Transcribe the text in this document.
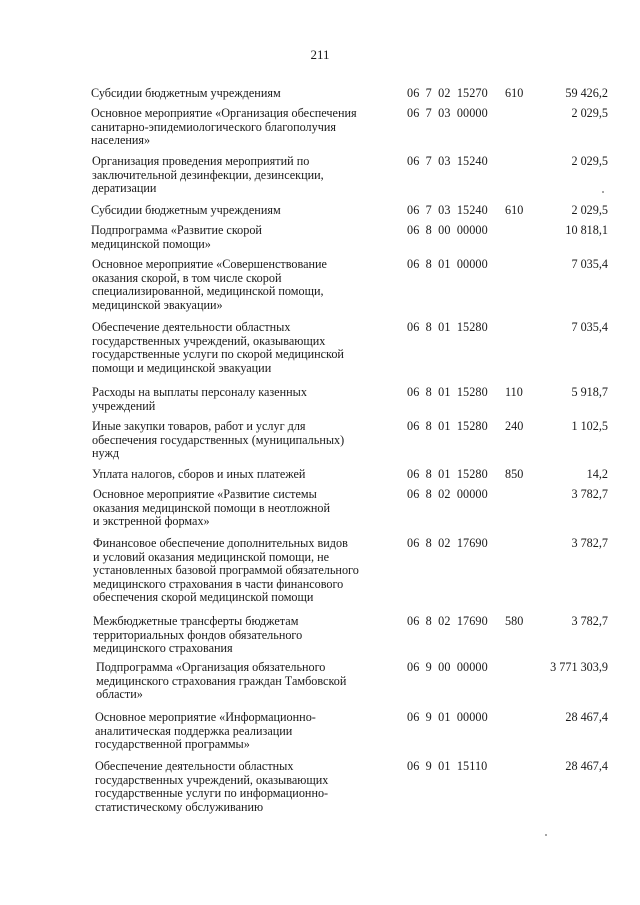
211
Субсидии бюджетным учреждениям	06  7  02  15270 610	59 426,2
Основное мероприятие «Организация обеспечения
санитарно-эпидемиологического благополучия
населения»
06  7  03  00000	2 029,5
Организация проведения мероприятий по
заключительной дезинфекции, дезинсекции,
дератизации
06  7  03  15240	2 029,5
Субсидии бюджетным учреждениям	06  7  03  15240 610	2 029,5
Подпрограмма «Развитие скорой
медицинской помощи»
06  8  00  00000	10 818,1
Основное мероприятие «Совершенствование
оказания скорой, в том числе скорой
специализированной, медицинской помощи,
медицинской эвакуации»
06  8  01  00000	7 035,4
Обеспечение деятельности областных
государственных учреждений, оказывающих
государственные услуги по скорой медицинской
помощи и медицинской эвакуации
06  8  01  15280	7 035,4
Расходы на выплаты персоналу казенных
учреждений
06  8  01  15280 110	5 918,7
Иные закупки товаров, работ и услуг для
обеспечения государственных (муниципальных)
нужд
06  8  01  15280 240	1 102,5
Уплата налогов, сборов и иных платежей	06  8  01  15280 850	14,2
Основное мероприятие «Развитие системы
оказания медицинской помощи в неотложной
и экстренной формах»
06  8  02  00000	3 782,7
Финансовое обеспечение дополнительных видов
и условий оказания медицинской помощи, не
установленных базовой программой обязательного
медицинского страхования в части финансового
обеспечения скорой медицинской помощи
06  8  02  17690	3 782,7
Межбюджетные трансферты бюджетам
территориальных фондов обязательного
медицинского страхования
06  8  02  17690 580	3 782,7
Подпрограмма «Организация обязательного
медицинского страхования граждан Тамбовской
области»
06  9  00  00000	3 771 303,9
Основное мероприятие «Информационно-
аналитическая поддержка реализации
государственной программы»
06  9  01  00000	28 467,4
Обеспечение деятельности областных
государственных учреждений, оказывающих
государственные услуги по информационно-
статистическому обслуживанию
06  9  01  15110	28 467,4
